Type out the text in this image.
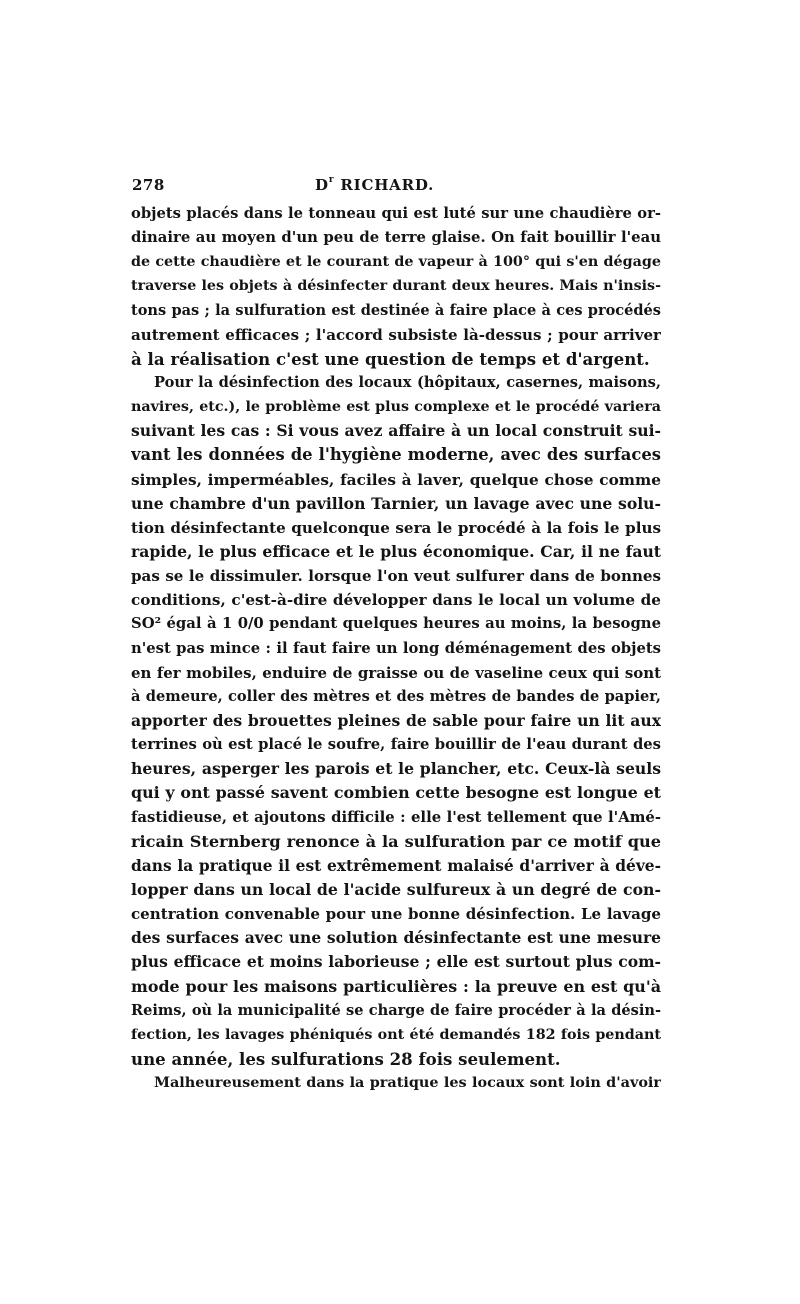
278	$D^r$ RICHARD.
objets placés dans le tonneau qui est luté sur une chaudière or-
dinaire au moyen d'un peu de terre glaise. On fait bouillir l'eau
de cette chaudière et le courant de vapeur à 100° qui s'en dégage
traverse les objets à désinfecter durant deux heures. Mais n'insis-
tons pas ; la sulfuration est destinée à faire place à ces procédés
autrement efficaces ; l'accord subsiste là-dessus ; pour arriver
à la réalisation c'est une question de temps et d'argent.
Pour la désinfection des locaux (hôpitaux, casernes, maisons,
navires, etc.), le problème est plus complexe et le procédé variera
suivant les cas : Si vous avez affaire à un local construit sui-
vant les données de l'hygiène moderne, avec des surfaces
simples, imperméables, faciles à laver, quelque chose comme
une chambre d'un pavillon Tarnier, un lavage avec une solu-
tion désinfectante quelconque sera le procédé à la fois le plus
rapide, le plus efficace et le plus économique. Car, il ne faut
pas se le dissimuler. lorsque l'on veut sulfurer dans de bonnes
conditions, c'est-à-dire développer dans le local un volume de
SO² égal à 1 0/0 pendant quelques heures au moins, la besogne
n'est pas mince : il faut faire un long déménagement des objets
en fer mobiles, enduire de graisse ou de vaseline ceux qui sont
à demeure, coller des mètres et des mètres de bandes de papier,
apporter des brouettes pleines de sable pour faire un lit aux
terrines où est placé le soufre, faire bouillir de l'eau durant des
heures, asperger les parois et le plancher, etc. Ceux-là seuls
qui y ont passé savent combien cette besogne est longue et
fastidieuse, et ajoutons difficile : elle l'est tellement que l'Amé-
ricain Sternberg renonce à la sulfuration par ce motif que
dans la pratique il est extrêmement malaisé d'arriver à déve-
lopper dans un local de l'acide sulfureux à un degré de con-
centration convenable pour une bonne désinfection. Le lavage
des surfaces avec une solution désinfectante est une mesure
plus efficace et moins laborieuse ; elle est surtout plus com-
mode pour les maisons particulières : la preuve en est qu'à
Reims, où la municipalité se charge de faire procéder à la désin-
fection, les lavages phéniqués ont été demandés 182 fois pendant
une année, les sulfurations 28 fois seulement.
Malheureusement dans la pratique les locaux sont loin d'avoir
